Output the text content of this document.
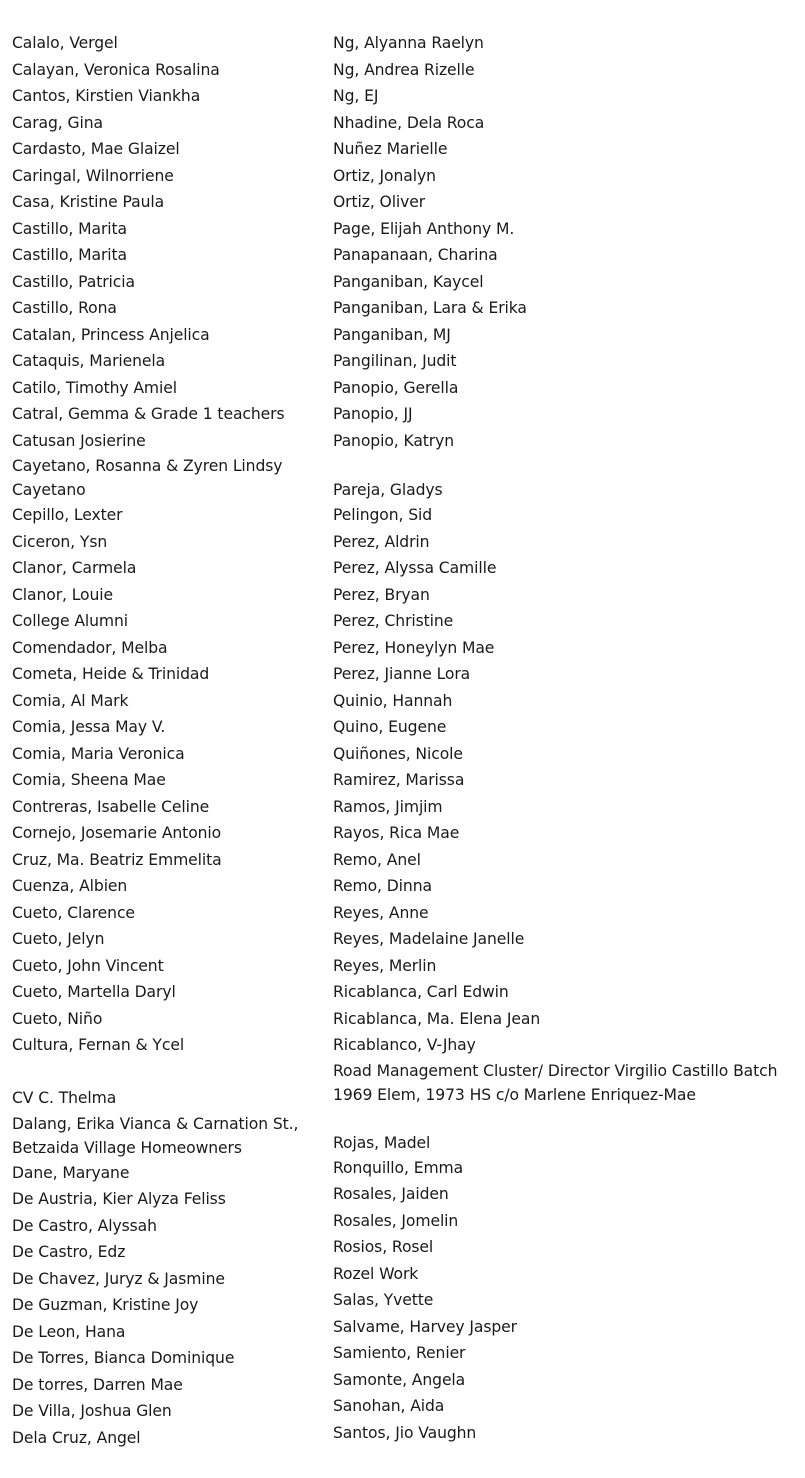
Calalo, Vergel
Calayan, Veronica Rosalina
Cantos, Kirstien Viankha
Carag, Gina
Cardasto, Mae Glaizel
Caringal, Wilnorriene
Casa, Kristine Paula
Castillo, Marita
Castillo, Marita
Castillo, Patricia
Castillo, Rona
Catalan, Princess Anjelica
Cataquis, Marienela
Catilo, Timothy Amiel
Catral, Gemma & Grade 1 teachers
Catusan Josierine
Cayetano, Rosanna & Zyren Lindsy
Cayetano
Cepillo, Lexter
Ciceron, Ysn
Clanor, Carmela
Clanor, Louie
College Alumni
Comendador, Melba
Cometa, Heide & Trinidad
Comia, Al Mark
Comia, Jessa May V.
Comia, Maria Veronica
Comia, Sheena Mae
Contreras, Isabelle Celine
Cornejo, Josemarie Antonio
Cruz, Ma. Beatriz Emmelita
Cuenza, Albien
Cueto, Clarence
Cueto, Jelyn
Cueto, John Vincent
Cueto, Martella Daryl
Cueto, Niño
Cultura, Fernan & Ycel
CV C. Thelma
Dalang, Erika Vianca & Carnation St.,
Betzaida Village Homeowners
Dane, Maryane
De Austria, Kier Alyza Feliss
De Castro, Alyssah
De Castro, Edz
De Chavez, Juryz & Jasmine
De Guzman, Kristine Joy
De Leon, Hana
De Torres, Bianca Dominique
De torres, Darren Mae
De Villa, Joshua Glen
Dela Cruz, Angel
Ng, Alyanna Raelyn
Ng, Andrea Rizelle
Ng, EJ
Nhadine, Dela Roca
Nuñez Marielle
Ortiz, Jonalyn
Ortiz, Oliver
Page, Elijah Anthony M.
Panapanaan, Charina
Panganiban, Kaycel
Panganiban, Lara & Erika
Panganiban, MJ
Pangilinan, Judit
Panopio, Gerella
Panopio, JJ
Panopio, Katryn

Pareja, Gladys
Pelingon, Sid
Perez, Aldrin
Perez, Alyssa Camille
Perez, Bryan
Perez, Christine
Perez, Honeylyn Mae
Perez, Jianne Lora
Quinio, Hannah
Quino, Eugene
Quiñones, Nicole
Ramirez, Marissa
Ramos, Jimjim
Rayos, Rica Mae
Remo, Anel
Remo, Dinna
Reyes, Anne
Reyes, Madelaine Janelle
Reyes, Merlin
Ricablanca, Carl Edwin
Ricablanca, Ma. Elena Jean
Ricablanco, V-Jhay
Road Management Cluster/ Director Virgilio Castillo Batch
1969 Elem, 1973 HS c/o Marlene Enriquez-Mae

Rojas, Madel
Ronquillo, Emma
Rosales, Jaiden
Rosales, Jomelin
Rosios, Rosel
Rozel Work
Salas, Yvette
Salvame, Harvey Jasper
Samiento, Renier
Samonte, Angela
Sanohan, Aida
Santos, Jio Vaughn
